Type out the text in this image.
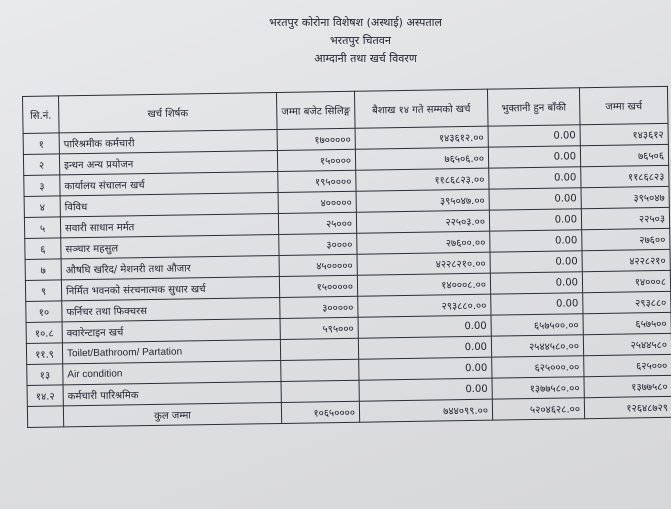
भरतपुर कोरोना विशेषश (अस्थाई) अस्पताल
भरतपुर चितवन
आम्दानी तथा खर्च विवरण
सि.नं.	खर्च शिर्षक	जम्मा बजेट सिलिङ्ग	बैशाख १४ गते सम्मको खर्च	भुक्तानी हुन बाँकी	जम्मा खर्च
१	पारिश्रमीक कर्मचारी	१७०००००	१४३६१२.००	0.00	१४३६१२
२	इन्धन अन्य प्रयोजन	१५००००	७६५०६.००	0.00	७६५०६
३	कार्यालय संचालन खर्च	१९५००००	११८६८२३.००	0.00	११८६८२३
४	विविध	४०००००	३९५०४७.००	0.00	३९५०४७
५	सवारी साधान मर्मत	२५०००	२२५०३.००	0.00	२२५०३
६	सञ्चार महसुल	३००००	२७६००.००	0.00	२७६००
७	औषधि खरिद/ मेशनरी तथा औजार	४५०००००	४२२८२१०.००	0.00	४२२८२१०
९	निर्मित भवनको संरचनात्मक सुधार खर्च	१५०००००	१४०००८.००	0.00	१४०००८
१०	फर्निचर तथा फिक्चरस	३०००००	२९३८८०.००	0.00	२९३८८०
१०.८	क्वारेन्टाइन खर्च	५९५०००	0.00	६५७५००.००	६५७५००
११.९	Toilet/Bathroom/ Partation		0.00	२५४४५८०.००	२५४४५८०
१३	Air condition		0.00	६२५०००.००	६२५०००
१४.२	कर्मचारी पारिश्रमिक		0.00	१३७७५८०.००	१३७७५८०
	कुल जम्मा	१०६५००००	७४४०९९.००	५२०४६२८.००	१२६४८७२९
